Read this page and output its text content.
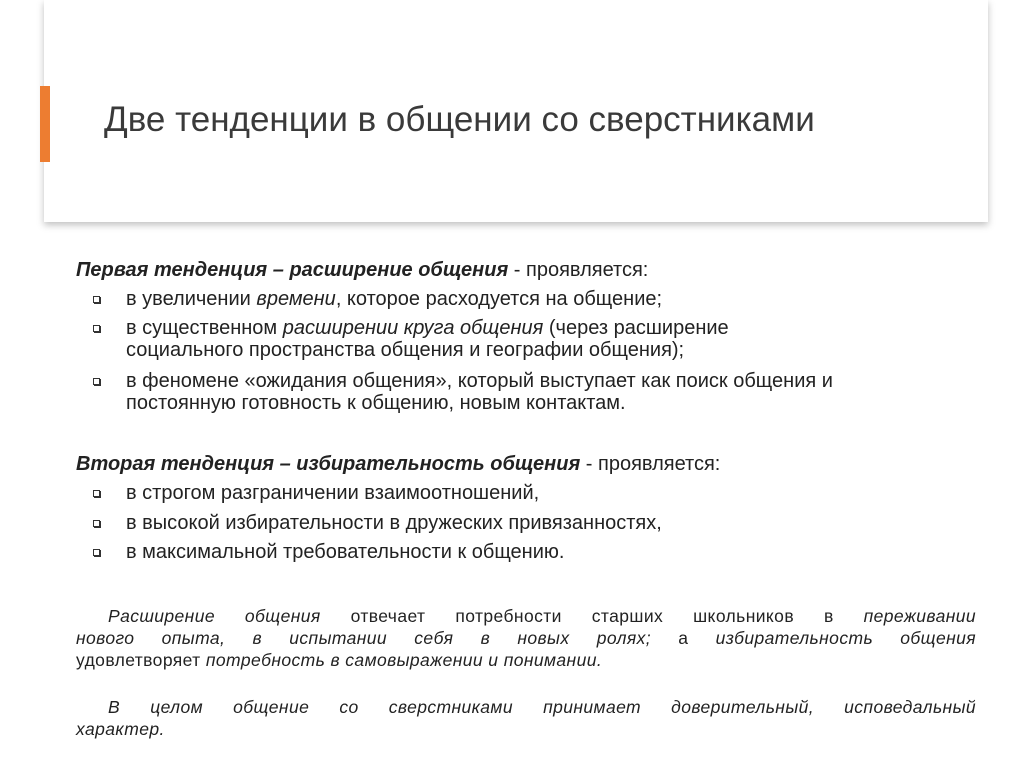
Две тенденции в общении со сверстниками
Первая тенденция – расширение общения - проявляется:
в увеличении времени, которое расходуется на общение;
в существенном расширении круга общения (через расширение
социального пространства общения и географии общения);
в феномене «ожидания общения», который выступает как поиск общения и
постоянную готовность к общению, новым контактам.
Вторая тенденция – избирательность общения - проявляется:
в строгом разграничении взаимоотношений,
в высокой избирательности в дружеских привязанностях,
в максимальной требовательности к общению.
Расширение общения отвечает потребности старших школьников в переживании
нового опыта, в испытании себя в новых ролях; а избирательность общения
удовлетворяет потребность в самовыражении и понимании.
В целом общение со сверстниками принимает доверительный, исповедальный
характер.
